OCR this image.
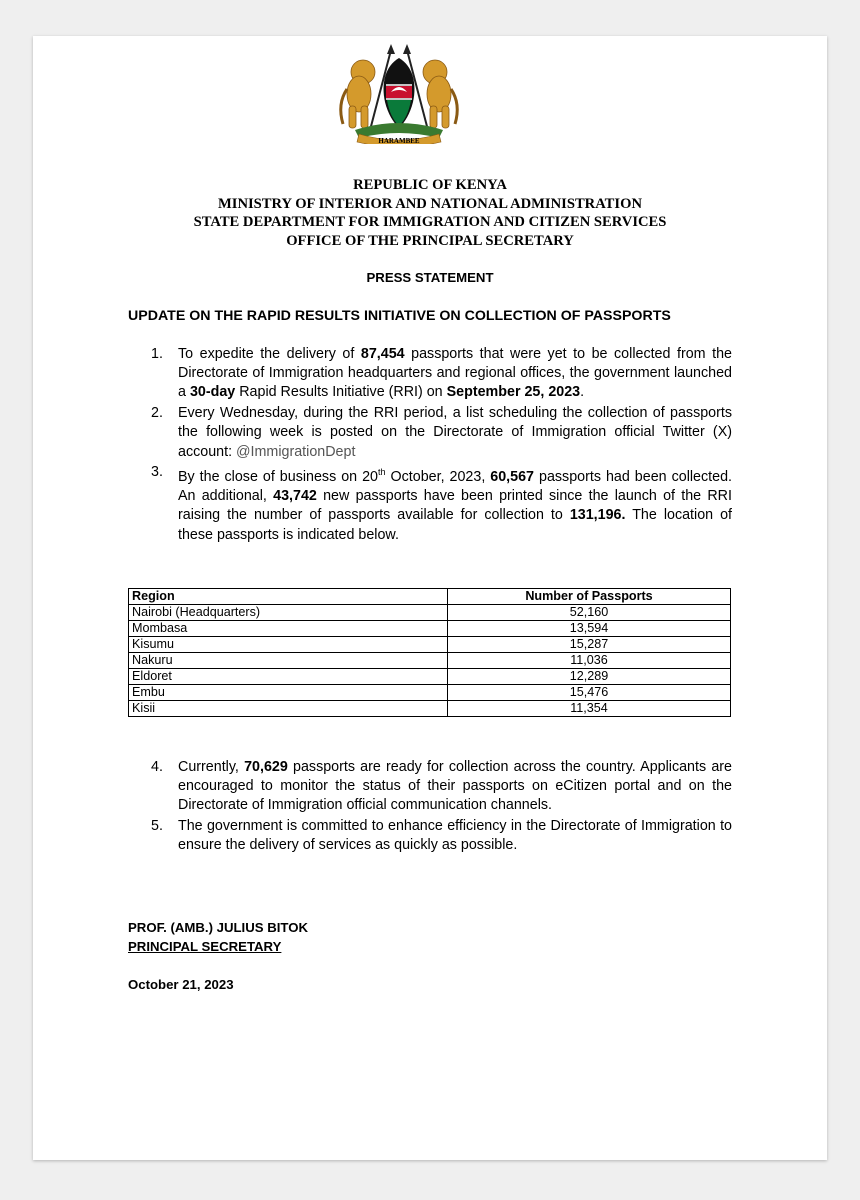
HARAMBEE
REPUBLIC OF KENYA
MINISTRY OF INTERIOR AND NATIONAL ADMINISTRATION
STATE DEPARTMENT FOR IMMIGRATION AND CITIZEN SERVICES
OFFICE OF THE PRINCIPAL SECRETARY
PRESS STATEMENT
UPDATE ON THE RAPID RESULTS INITIATIVE ON COLLECTION OF PASSPORTS
1. To expedite the delivery of 87,454 passports that were yet to be collected from the Directorate of Immigration headquarters and regional offices, the government launched a 30-day Rapid Results Initiative (RRI) on September 25, 2023.
2. Every Wednesday, during the RRI period, a list scheduling the collection of passports the following week is posted on the Directorate of Immigration official Twitter (X) account: @ImmigrationDept
3. By the close of business on 20th October, 2023, 60,567 passports had been collected. An additional, 43,742 new passports have been printed since the launch of the RRI raising the number of passports available for collection to 131,196. The location of these passports is indicated below.
Region	Number of Passports
Nairobi (Headquarters)	52,160
Mombasa	13,594
Kisumu	15,287
Nakuru	11,036
Eldoret	12,289
Embu	15,476
Kisii	11,354
4. Currently, 70,629 passports are ready for collection across the country. Applicants are encouraged to monitor the status of their passports on eCitizen portal and on the Directorate of Immigration official communication channels.
5. The government is committed to enhance efficiency in the Directorate of Immigration to ensure the delivery of services as quickly as possible.
PROF. (AMB.) JULIUS BITOK
PRINCIPAL SECRETARY
October 21, 2023
